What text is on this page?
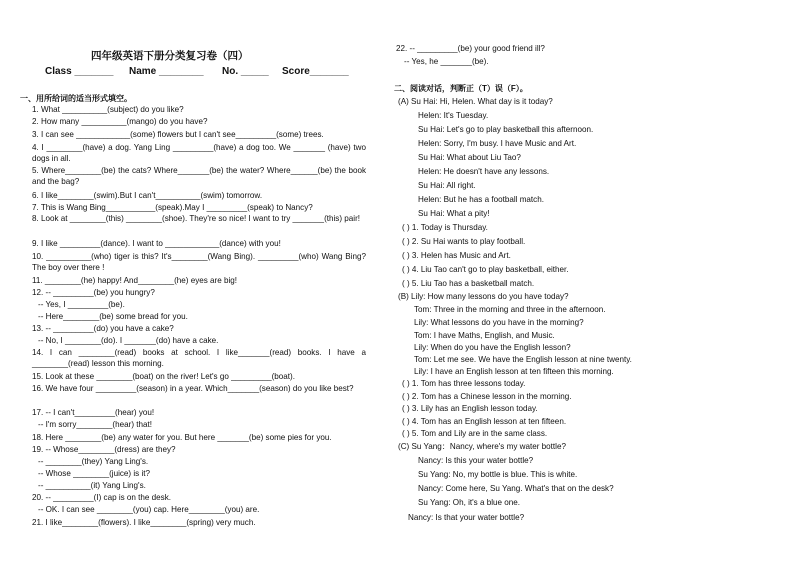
四年级英语下册分类复习卷（四）
Class _______ Name ________ No. _____ Score_______
一、用所给词的适当形式填空。
1. What __________(subject) do you like?
2. How many __________(mango) do you have?
3. I can see ____________(some) flowers but I can't see_________(some) trees.
4. I ________(have) a dog. Yang Ling _________(have) a dog too. We _______ (have) two dogs in all.
5. Where________(be) the cats? Where_______(be) the water? Where______(be) the book and the bag?
6. I like________(swim).But I can't__________(swim) tomorrow.
7. This is Wang Bing___________(speak).May I _________(speak) to Nancy?
8. Look at ________(this) ________(shoe). They're so nice! I want to try _______(this) pair!
9. I like _________(dance). I want to ____________(dance) with you!
10. __________(who) tiger is this? It's________(Wang Bing). _________(who) Wang Bing? The boy over there !
11. ________(he) happy! And________(he) eyes are big!
12. -- _________(be) you hungry?
-- Yes, I _________(be).
-- Here________(be) some bread for you.
13. -- _________(do) you have a cake?
-- No, I ________(do). I _______(do) have a cake.
14. I can ________(read) books at school. I like_______(read) books. I have a ________(read) lesson this morning.
15. Look at these ________(boat) on the river! Let's go _________(boat).
16. We have four _________(season) in a year. Which_______(season) do you like best?
17. -- I can't_________(hear) you!
-- I'm sorry________(hear) that!
18. Here ________(be) any water for you. But here _______(be) some pies for you.
19. -- Whose________(dress) are they?
-- ________(they) Yang Ling's.
-- Whose ________(juice) is it?
-- __________(it) Yang Ling's.
20. -- _________(I) cap is on the desk.
-- OK. I can see ________(you) cap. Here________(you) are.
21. I like________(flowers). I like________(spring) very much.
22. -- _________(be) your good friend ill?
-- Yes, he _______(be).
二、阅读对话，判断正（T）误（F）。
(A) Su Hai: Hi, Helen. What day is it today?
Helen: It's Tuesday.
Su Hai: Let's go to play basketball this afternoon.
Helen: Sorry, I'm busy. I have Music and Art.
Su Hai: What about Liu Tao?
Helen: He doesn't have any lessons.
Su Hai: All right.
Helen: But he has a football match.
Su Hai: What a pity!
( ) 1. Today is Thursday.
( ) 2. Su Hai wants to play football.
( ) 3. Helen has Music and Art.
( ) 4. Liu Tao can't go to play basketball, either.
( ) 5. Liu Tao has a basketball match.
(B) Lily: How many lessons do you have today?
Tom: Three in the morning and three in the afternoon.
Lily: What lessons do you have in the morning?
Tom: I have Maths, English, and Music.
Lily: When do you have the English lesson?
Tom: Let me see. We have the English lesson at nine twenty.
Lily: I have an English lesson at ten fifteen this morning.
( ) 1. Tom has three lessons today.
( ) 2. Tom has a Chinese lesson in the morning.
( ) 3. Lily has an English lesson today.
( ) 4. Tom has an English lesson at ten fifteen.
( ) 5. Tom and Lily are in the same class.
(C) Su Yang：Nancy, where's my water bottle?
Nancy: Is this your water bottle?
Su Yang: No, my bottle is blue. This is white.
Nancy: Come here, Su Yang. What's that on the desk?
Su Yang: Oh, it's a blue one.
Nancy: Is that your water bottle?
